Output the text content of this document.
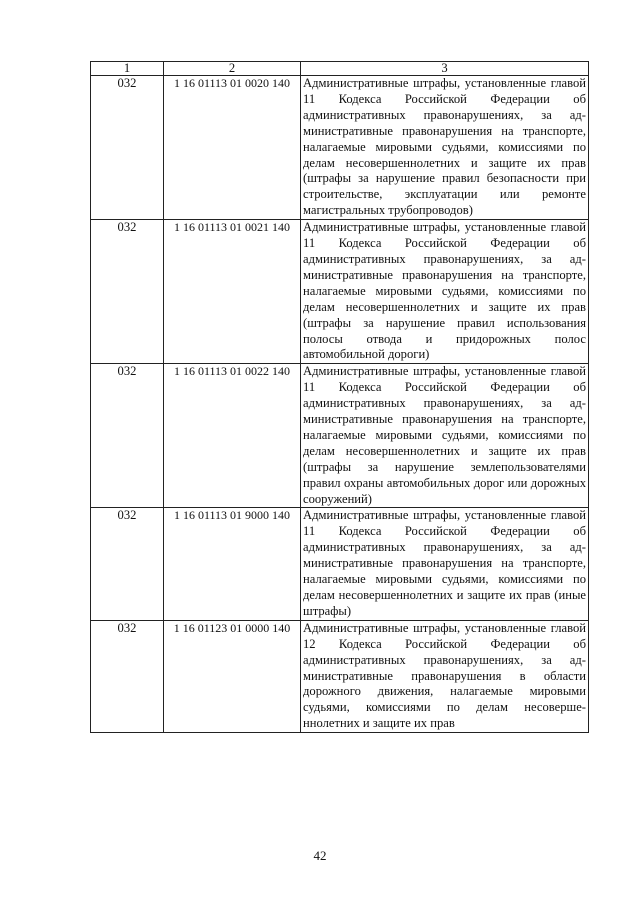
1	2	3
032	1 16 01113 01 0020 140	Административные штрафы, установленные главой 11 Кодекса Российской Федерации об административных правонарушениях, за административные правонарушения на транспорте, налагаемые мировыми судьями, комиссиями по делам несовершеннолетних и защите их прав (штрафы за нарушение правил безопасности при строительстве, эксплуатации или ремонте магистральных трубопроводов)
032	1 16 01113 01 0021 140	Административные штрафы, установленные главой 11 Кодекса Российской Федерации об административных правонарушениях, за административные правонарушения на транспорте, налагаемые мировыми судьями, комиссиями по делам несовершеннолетних и защите их прав (штрафы за нарушение правил использования полосы отвода и придорожных полос автомобильной дороги)
032	1 16 01113 01 0022 140	Административные штрафы, установленные главой 11 Кодекса Российской Федерации об административных правонарушениях, за административные правонарушения на транспорте, налагаемые мировыми судьями, комиссиями по делам несовершеннолетних и защите их прав (штрафы за нарушение землепользователями правил охраны автомобильных дорог или дорожных сооружений)
032	1 16 01113 01 9000 140	Административные штрафы, установленные главой 11 Кодекса Российской Федерации об административных правонарушениях, за административные правонарушения на транспорте, налагаемые мировыми судьями, комиссиями по делам несовершеннолетних и защите их прав (иные штрафы)
032	1 16 01123 01 0000 140	Административные штрафы, установленные главой 12 Кодекса Российской Федерации об административных правонарушениях, за административные правонарушения в области дорожного движения, налагаемые мировыми судьями, комиссиями по делам несовершеннолетних и защите их прав
42
